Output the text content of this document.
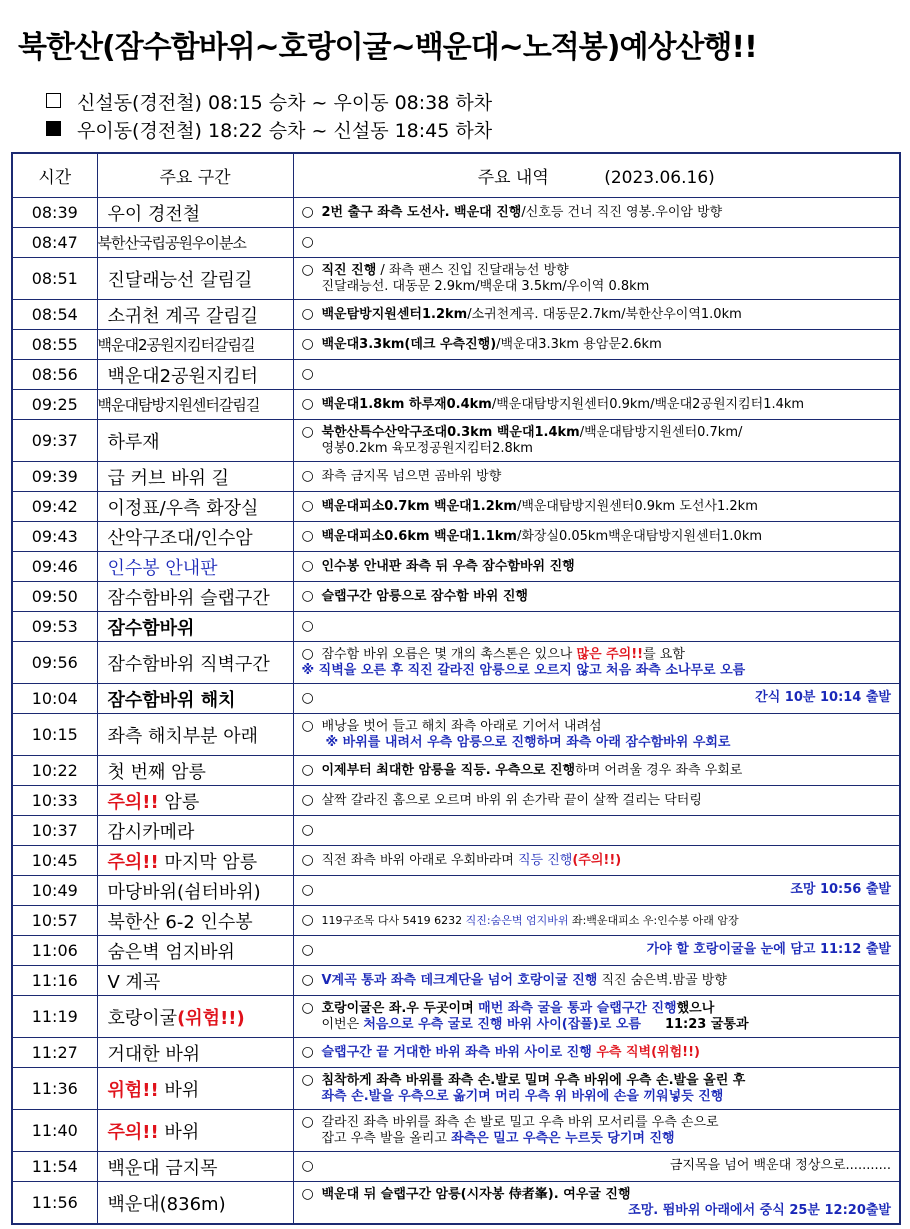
북한산(잠수함바위~호랑이굴~백운대~노적봉)예상산행!!
신설동(경전철) 08:15 승차 ~ 우이동 08:38 하차
우이동(경전철) 18:22 승차 ~ 신설동 18:45 하차
시간	주요 구간	주요 내역 (2023.06.16)
08:39	우이 경전철	○ 2번 출구 좌측 도선사. 백운대 진행/신호등 건너 직진 영봉.우이암 방향
08:47	북한산국립공원우이분소	○
08:51	진달래능선 갈림길	○ 직진 진행 / 좌측 팬스 진입 진달래능선 방향
진달래능선. 대동문 2.9km/백운대 3.5km/우이역 0.8km

08:54	소귀천 계곡 갈림길	○ 백운탐방지원센터1.2km/소귀천계곡. 대동문2.7km/북한산우이역1.0km
08:55	백운대2공원지킴터갈림길	○ 백운대3.3km(데크 우측진행)/백운대3.3km 용암문2.6km
08:56	백운대2공원지킴터	○
09:25	백운대탐방지원센터갈림길	○ 백운대1.8km 하루재0.4km/백운대탐방지원센터0.9km/백운대2공원지킴터1.4km
09:37	하루재	○ 북한산특수산악구조대0.3km 백운대1.4km/백운대탐방지원센터0.7km/
영봉0.2km 육모정공원지킴터2.8km

09:39	급 커브 바위 길	○ 좌측 금지목 넘으면 곰바위 방향
09:42	이정표/우측 화장실	○ 백운대피소0.7km 백운대1.2km/백운대탐방지원센터0.9km 도선사1.2km
09:43	산악구조대/인수암	○ 백운대피소0.6km 백운대1.1km/화장실0.05km백운대탐방지원센터1.0km
09:46	인수봉 안내판	○ 인수봉 안내판 좌측 뒤 우측 잠수함바위 진행
09:50	잠수함바위 슬랩구간	○ 슬랩구간 암릉으로 잠수함 바위 진행
09:53	잠수함바위	○
09:56	잠수함바위 직벽구간	○ 잠수함 바위 오름은 몇 개의 촉스톤은 있으나 많은 주의!!를 요함
※ 직벽을 오른 후 직진 갈라진 암릉으로 오르지 않고 처음 좌측 소나무로 오름

10:04	잠수함바위 해치	○ 간식 10분 10:14 출발

10:15	좌측 해치부분 아래	○ 배낭을 벗어 들고 해치 좌측 아래로 기어서 내려섬
※ 바위를 내려서 우측 암릉으로 진행하며 좌측 아래 잠수함바위 우회로

10:22	첫 번째 암릉	○ 이제부터 최대한 암릉을 직등. 우측으로 진행하며 어려울 경우 좌측 우회로
10:33	주의!! 암릉	○ 살짝 갈라진 홈으로 오르며 바위 위 손가락 끝이 살짝 걸리는 닥터링
10:37	감시카메라	○
10:45	주의!! 마지막 암릉	○ 직전 좌측 바위 아래로 우회바라며 직등 진행(주의!!)
10:49	마당바위(쉼터바위)	○ 조망 10:56 출발

10:57	북한산 6-2 인수봉	○ 119구조목 다사 5419 6232 직진:숨은벽 엄지바위 좌:백운대피소 우:인수봉 아래 암장
11:06	숨은벽 엄지바위	○ 가야 할 호랑이굴을 눈에 담고 11:12 출발

11:16	V 계곡	○ V계곡 통과 좌측 데크계단을 넘어 호랑이굴 진행 직진 숨은벽.밤골 방향
11:19	호랑이굴(위험!!)	○ 호랑이굴은 좌.우 두곳이며 매번 좌측 굴을 통과 슬랩구간 진행했으나
이번은 처음으로 우측 굴로 진행 바위 사이(잡풀)로 오름 11:23 굴통과

11:27	거대한 바위	○ 슬랩구간 끝 거대한 바위 좌측 바위 사이로 진행 우측 직벽(위험!!)
11:36	위험!! 바위	○ 침착하게 좌측 바위를 좌측 손.발로 밀며 우측 바위에 우측 손.발을 올린 후
좌측 손.발을 우측으로 옮기며 머리 우측 위 바위에 손을 끼워넣듯 진행

11:40	주의!! 바위	○ 갈라진 좌측 바위를 좌측 손 발로 밀고 우측 바위 모서리를 우측 손으로
잡고 우측 발을 올리고 좌측은 밀고 우측은 누르듯 당기며 진행

11:54	백운대 금지목	○ 금지목을 넘어 백운대 정상으로...........

11:56	백운대(836m)	○ 백운대 뒤 슬랩구간 암릉(시자봉 侍者峯). 여우굴 진행
조망. 뜀바위 아래에서 중식 25분 12:20출발
